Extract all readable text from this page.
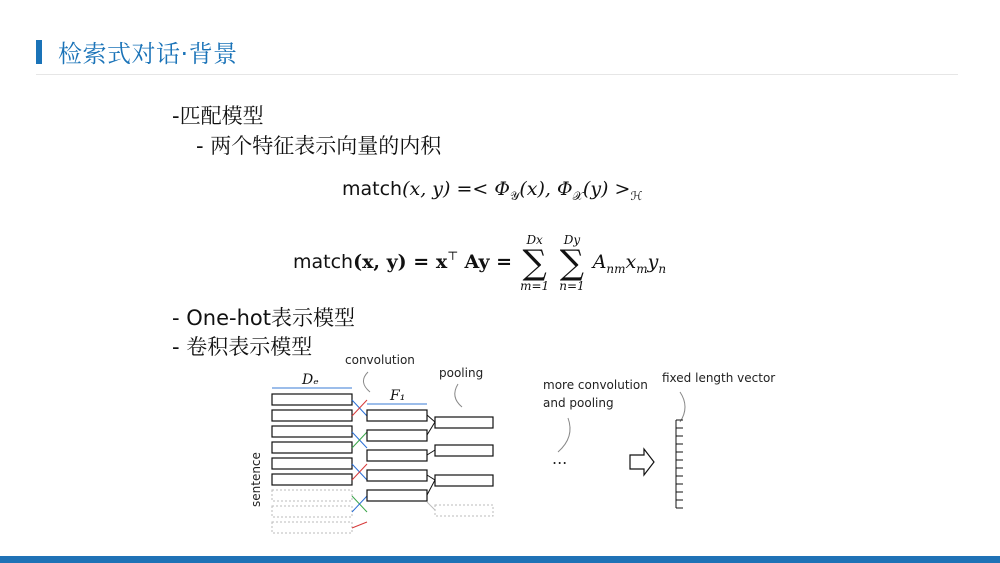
检索式对话·背景
-匹配模型
- 两个特征表示向量的内积
match(x, $y) =< \Phi_𝒴(x)$, $\Phi_𝒳(y) >_ℋ$
match(x, y) = x⊤ Ay =
Dx
∑
m=1

Dy
∑
n=1
$A_{nm}x_my_n$
- One-hot表示模型
- 卷积表示模型
convolution
pooling
more convolution
and pooling
fixed length vector
sentence
Dₑ
F₁
...
